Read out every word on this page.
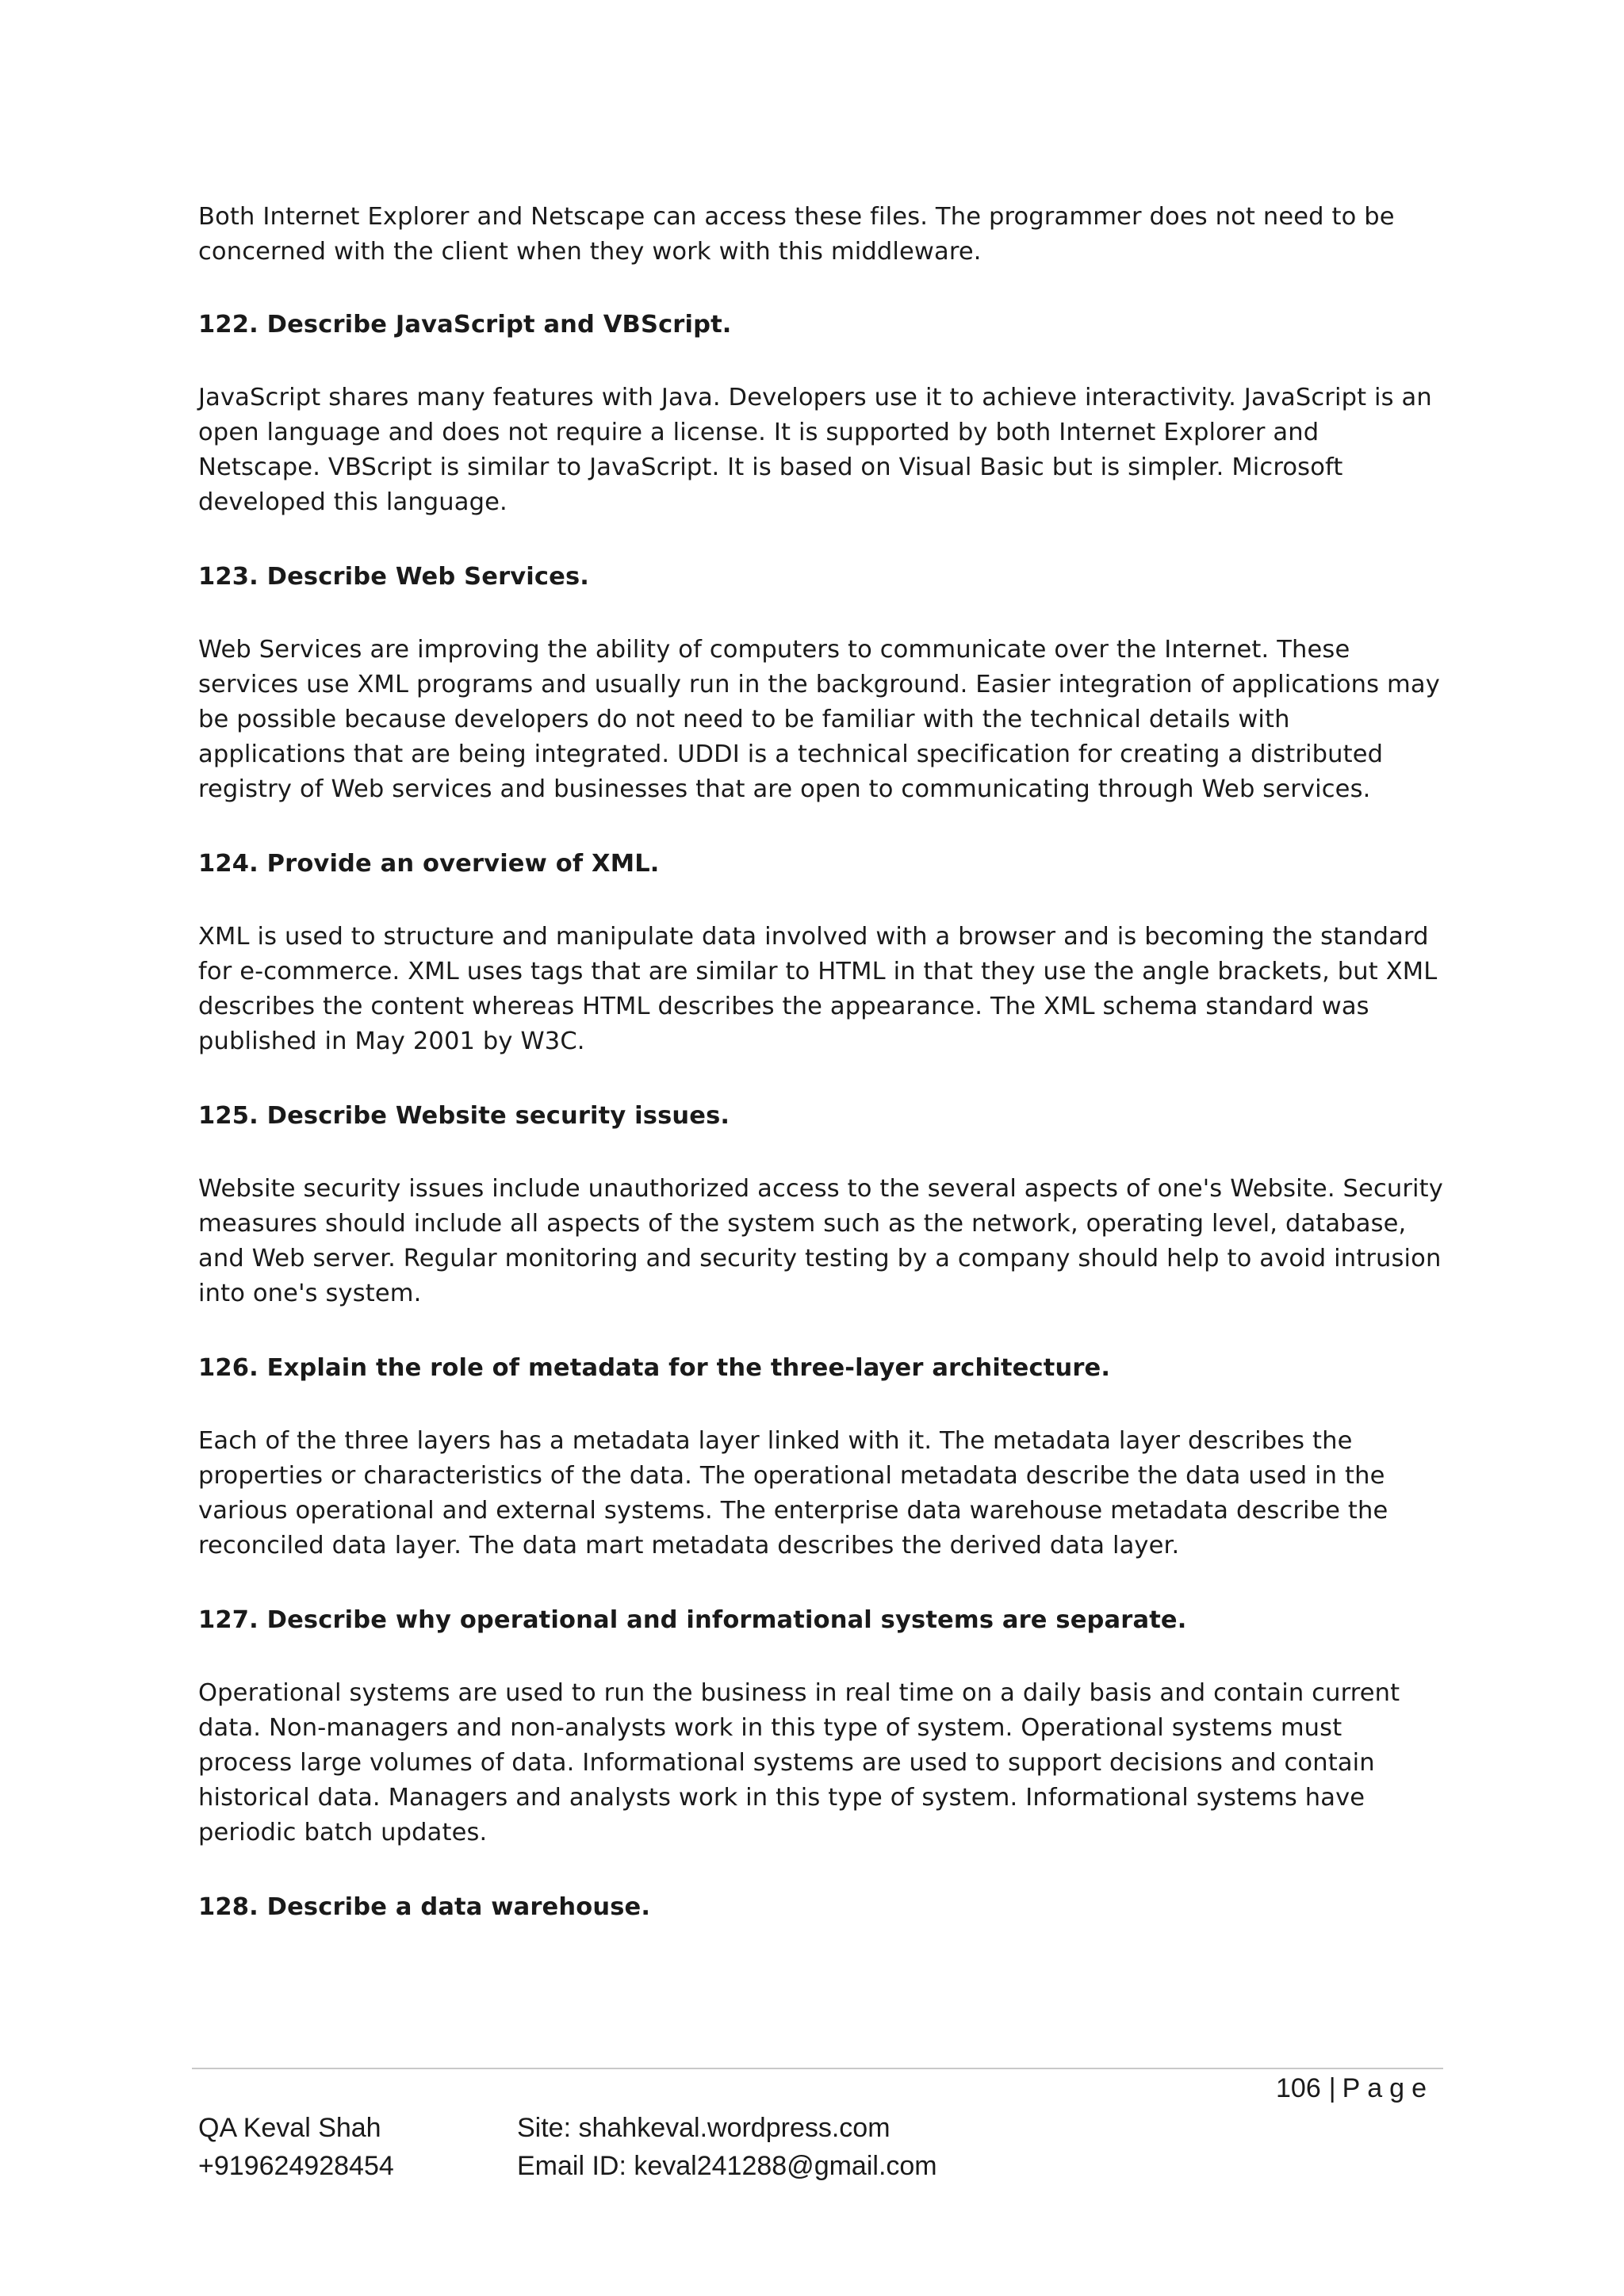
Both Internet Explorer and Netscape can access these files. The programmer does not need to be concerned with the client when they work with this middleware.

122. Describe JavaScript and VBScript.

JavaScript shares many features with Java. Developers use it to achieve interactivity. JavaScript is an open language and does not require a license. It is supported by both Internet Explorer and Netscape. VBScript is similar to JavaScript. It is based on Visual Basic but is simpler. Microsoft developed this language.

123. Describe Web Services.

Web Services are improving the ability of computers to communicate over the Internet. These services use XML programs and usually run in the background. Easier integration of applications may be possible because developers do not need to be familiar with the technical details with applications that are being integrated. UDDI is a technical specification for creating a distributed registry of Web services and businesses that are open to communicating through Web services.

124. Provide an overview of XML.

XML is used to structure and manipulate data involved with a browser and is becoming the standard for e-commerce. XML uses tags that are similar to HTML in that they use the angle brackets, but XML describes the content whereas HTML describes the appearance. The XML schema standard was published in May 2001 by W3C.

125. Describe Website security issues.

Website security issues include unauthorized access to the several aspects of one's Website. Security measures should include all aspects of the system such as the network, operating level, database, and Web server. Regular monitoring and security testing by a company should help to avoid intrusion into one's system.

126. Explain the role of metadata for the three-layer architecture.

Each of the three layers has a metadata layer linked with it. The metadata layer describes the properties or characteristics of the data. The operational metadata describe the data used in the various operational and external systems. The enterprise data warehouse metadata describe the reconciled data layer. The data mart metadata describes the derived data layer.

127. Describe why operational and informational systems are separate.

Operational systems are used to run the business in real time on a daily basis and contain current data. Non-managers and non-analysts work in this type of system. Operational systems must process large volumes of data. Informational systems are used to support decisions and contain historical data. Managers and analysts work in this type of system. Informational systems have periodic batch updates.

128. Describe a data warehouse.
106 | Page
QA Keval Shah
+919624928454
Site: shahkeval.wordpress.com
Email ID: keval241288@gmail.com
